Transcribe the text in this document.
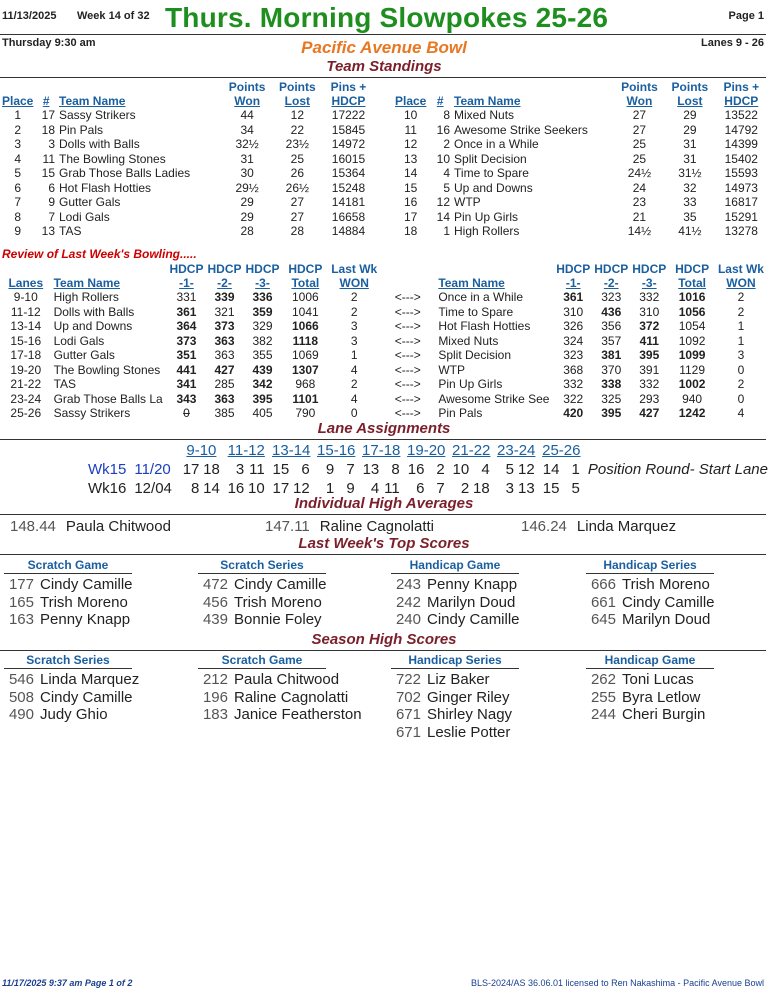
11/13/2025 Week 14 of 32 Thurs. Morning Slowpokes 25-26	Page 1
Thursday 9:30 am	Pacific Avenue Bowl	Lanes 9 - 26
Team Standings
			Points	Points	Pins +
Place	#	Team Name	Won	Lost	HDCP
1	17	Sassy Strikers	44	12	17222
2	18	Pin Pals	34	22	15845
3	3	Dolls with Balls	32½	23½	14972
4	11	The Bowling Stones	31	25	16015
5	15	Grab Those Balls Ladies	30	26	15364
6	6	Hot Flash Hotties	29½	26½	15248
7	9	Gutter Gals	29	27	14181
8	7	Lodi Gals	29	27	16658
9	13	TAS	28	28	14884
			Points	Points	Pins +
Place	#	Team Name	Won	Lost	HDCP
10	8	Mixed Nuts	27	29	13522
11	16	Awesome Strike Seekers	27	29	14792
12	2	Once in a While	25	31	14399
13	10	Split Decision	25	31	15402
14	4	Time to Spare	24½	31½	15593
15	5	Up and Downs	24	32	14973
16	12	WTP	23	33	16817
17	14	Pin Up Girls	21	35	15291
18	1	High Rollers	14½	41½	13278
Review of Last Week's Bowling.....
		HDCP	HDCP	HDCP	HDCP	Last Wk			HDCP	HDCP	HDCP	HDCP	Last Wk
Lanes	Team Name	-1-	-2-	-3-	Total	WON		Team Name	-1-	-2-	-3-	Total	WON
9-10	High Rollers	331	339	336	1006	2	<--->	Once in a While	361	323	332	1016	2
11-12	Dolls with Balls	361	321	359	1041	2	<--->	Time to Spare	310	436	310	1056	2
13-14	Up and Downs	364	373	329	1066	3	<--->	Hot Flash Hotties	326	356	372	1054	1
15-16	Lodi Gals	373	363	382	1118	3	<--->	Mixed Nuts	324	357	411	1092	1
17-18	Gutter Gals	351	363	355	1069	1	<--->	Split Decision	323	381	395	1099	3
19-20	The Bowling Stones	441	427	439	1307	4	<--->	WTP	368	370	391	1129	0
21-22	TAS	341	285	342	968	2	<--->	Pin Up Girls	332	338	332	1002	2
23-24	Grab Those Balls La	343	363	395	1101	4	<--->	Awesome Strike See	322	325	293	940	0
25-26	Sassy Strikers	0	385	405	790	0	<--->	Pin Pals	420	395	427	1242	4
Lane Assignments
	9-10		11-12		13-14		15-16		17-18		19-20		21-22		23-24		25-26		
Wk15 11/20	17	18	3	11	15	6	9	7	13	8	16	2	10	4	5	12	14	1	Position Round- Start Lane
Wk16 12/04	8	14	16	10	17	12	1	9	4	11	6	7	2	18	3	13	15	5	
Individual High Averages
148.44 Paula Chitwood	147.11 Raline Cagnolatti	146.24 Linda Marquez
Last Week's Top Scores
Scratch Game
177 Cindy Camille
165 Trish Moreno
163 Penny Knapp
Scratch Series
472 Cindy Camille
456 Trish Moreno
439 Bonnie Foley
Handicap Game
243 Penny Knapp
242 Marilyn Doud
240 Cindy Camille
Handicap Series
666 Trish Moreno
661 Cindy Camille
645 Marilyn Doud
Season High Scores
Scratch Series
546 Linda Marquez
508 Cindy Camille
490 Judy Ghio
Scratch Game
212 Paula Chitwood
196 Raline Cagnolatti
183 Janice Featherston
Handicap Series
722 Liz Baker
702 Ginger Riley
671 Shirley Nagy
671 Leslie Potter
Handicap Game
262 Toni Lucas
255 Byra Letlow
244 Cheri Burgin
11/17/2025 9:37 am Page 1 of 2	BLS-2024/AS 36.06.01 licensed to Ren Nakashima - Pacific Avenue Bowl
